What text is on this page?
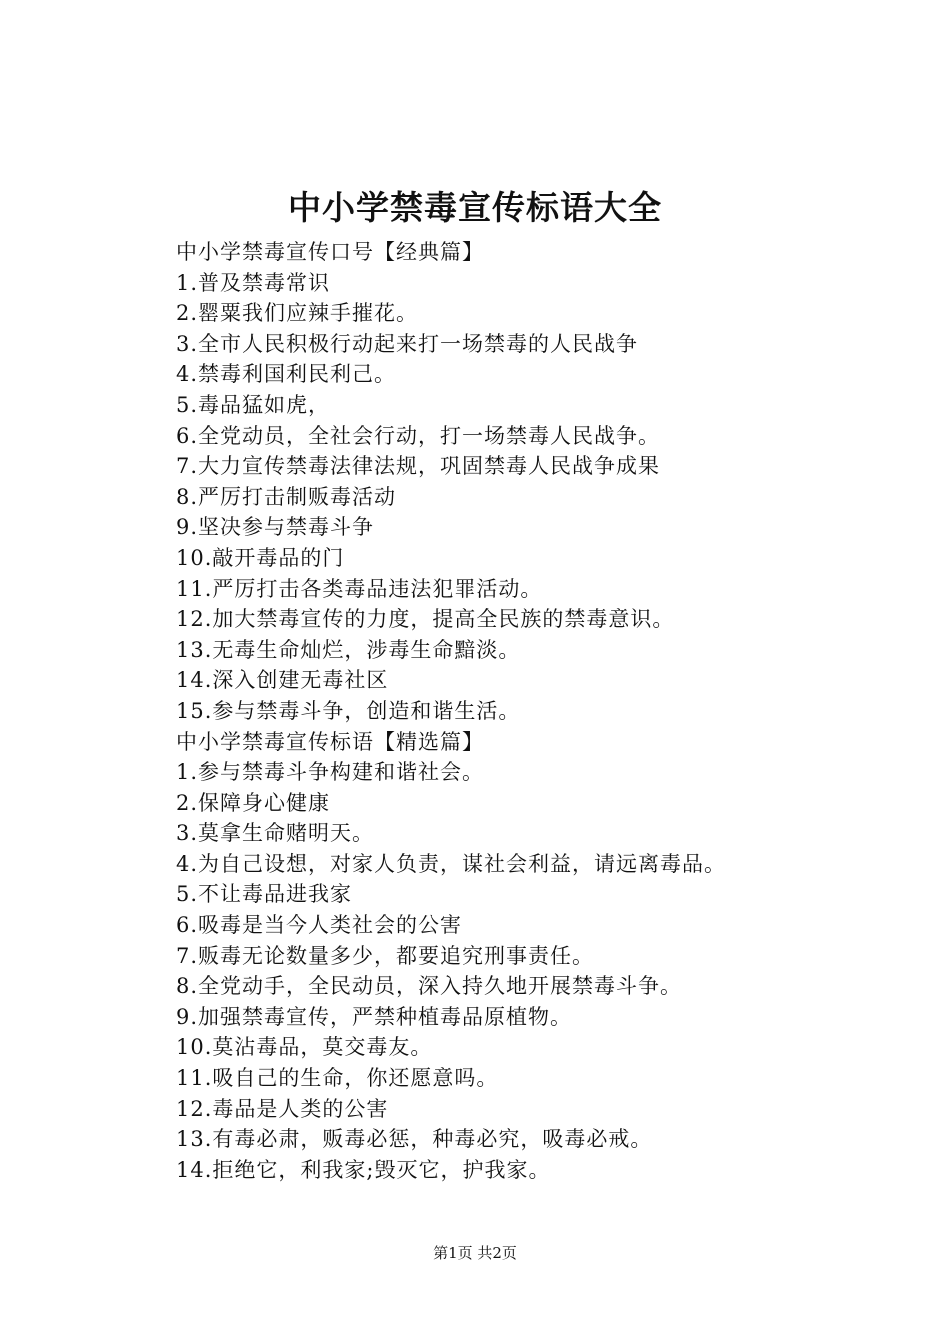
中小学禁毒宣传标语大全
中小学禁毒宣传口号【经典篇】
1.普及禁毒常识
2.罂粟我们应辣手摧花。
3.全市人民积极行动起来打一场禁毒的人民战争
4.禁毒利国利民利己。
5.毒品猛如虎，
6.全党动员，全社会行动，打一场禁毒人民战争。
7.大力宣传禁毒法律法规，巩固禁毒人民战争成果
8.严厉打击制贩毒活动
9.坚决参与禁毒斗争
10.敲开毒品的门
11.严厉打击各类毒品违法犯罪活动。
12.加大禁毒宣传的力度，提高全民族的禁毒意识。
13.无毒生命灿烂，涉毒生命黯淡。
14.深入创建无毒社区
15.参与禁毒斗争，创造和谐生活。
中小学禁毒宣传标语【精选篇】
1.参与禁毒斗争构建和谐社会。
2.保障身心健康
3.莫拿生命赌明天。
4.为自己设想，对家人负责，谋社会利益，请远离毒品。
5.不让毒品进我家
6.吸毒是当今人类社会的公害
7.贩毒无论数量多少，都要追究刑事责任。
8.全党动手，全民动员，深入持久地开展禁毒斗争。
9.加强禁毒宣传，严禁种植毒品原植物。
10.莫沾毒品，莫交毒友。
11.吸自己的生命，你还愿意吗。
12.毒品是人类的公害
13.有毒必肃，贩毒必惩，种毒必究，吸毒必戒。
14.拒绝它，利我家;毁灭它，护我家。
第1页 共2页
